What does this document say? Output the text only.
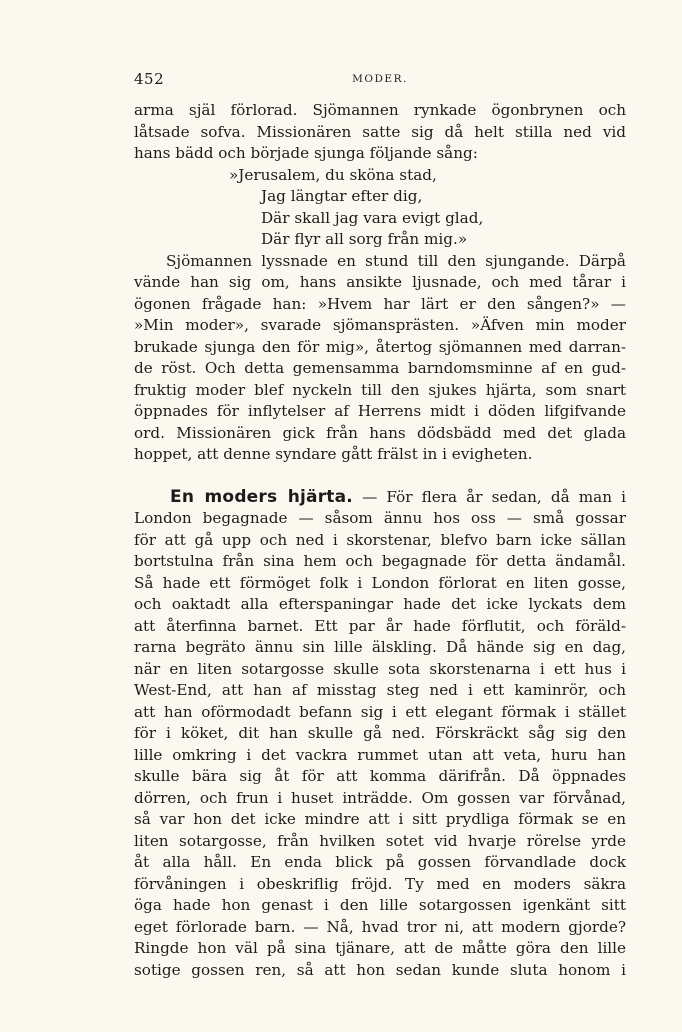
452	MODER.
arma själ förlorad. Sjömannen rynkade ögonbrynen och
låtsade sofva. Missionären satte sig då helt stilla ned vid
hans bädd och började sjunga följande sång:
»Jerusalem, du sköna stad,
Jag längtar efter dig,
Där skall jag vara evigt glad,
Där flyr all sorg från mig.»
Sjömannen lyssnade en stund till den sjungande. Därpå
vände han sig om, hans ansikte ljusnade, och med tårar i
ögonen frågade han: »Hvem har lärt er den sången?» —
»Min moder», svarade sjömansprästen. »Äfven min moder
brukade sjunga den för mig», återtog sjömannen med darran-
de röst. Och detta gemensamma barndomsminne af en gud-
fruktig moder blef nyckeln till den sjukes hjärta, som snart
öppnades för inflytelser af Herrens midt i döden lifgifvande
ord. Missionären gick från hans dödsbädd med det glada
hoppet, att denne syndare gått frälst in i evigheten.
En moders hjärta. — För flera år sedan, då man i
London begagnade — såsom ännu hos oss — små gossar
för att gå upp och ned i skorstenar, blefvo barn icke sällan
bortstulna från sina hem och begagnade för detta ändamål.
Så hade ett förmöget folk i London förlorat en liten gosse,
och oaktadt alla efterspaningar hade det icke lyckats dem
att återfinna barnet. Ett par år hade förflutit, och föräld-
rarna begräto ännu sin lille älskling. Då hände sig en dag,
när en liten sotargosse skulle sota skorstenarna i ett hus i
West-End, att han af misstag steg ned i ett kaminrör, och
att han oförmodadt befann sig i ett elegant förmak i stället
för i köket, dit han skulle gå ned. Förskräckt såg sig den
lille omkring i det vackra rummet utan att veta, huru han
skulle bära sig åt för att komma därifrån. Då öppnades
dörren, och frun i huset inträdde. Om gossen var förvånad,
så var hon det icke mindre att i sitt prydliga förmak se en
liten sotargosse, från hvilken sotet vid hvarje rörelse yrde
åt alla håll. En enda blick på gossen förvandlade dock
förvåningen i obeskriflig fröjd. Ty med en moders säkra
öga hade hon genast i den lille sotargossen igenkänt sitt
eget förlorade barn. — Nå, hvad tror ni, att modern gjorde?
Ringde hon väl på sina tjänare, att de måtte göra den lille
sotige gossen ren, så att hon sedan kunde sluta honom i
